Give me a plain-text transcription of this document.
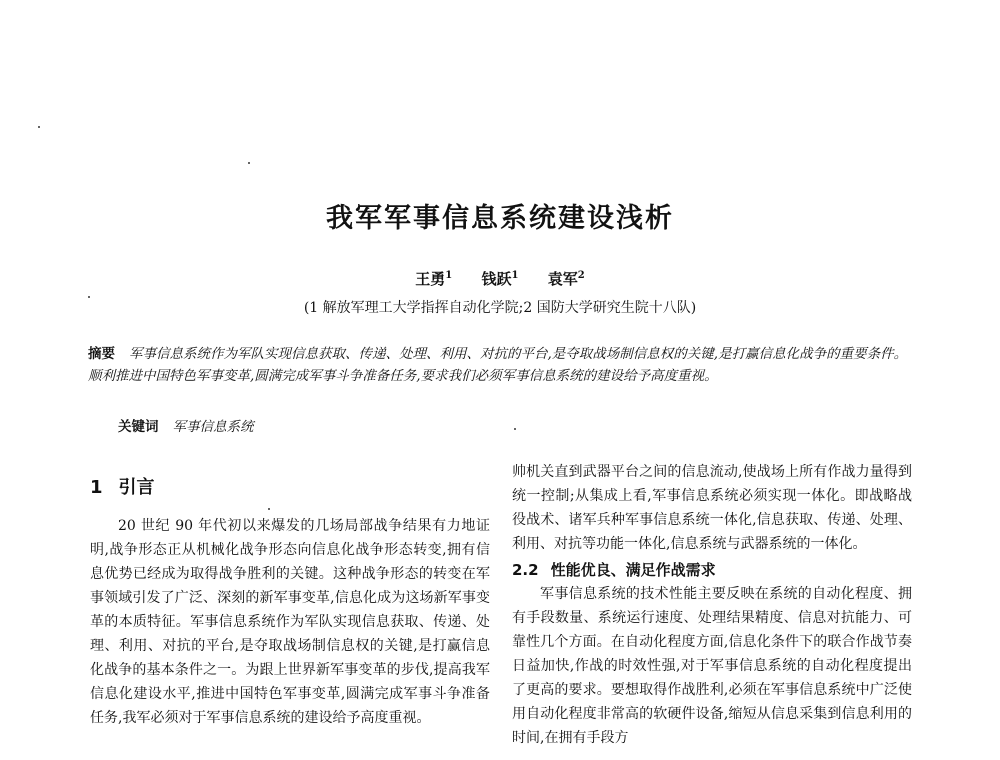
我军军事信息系统建设浅析
王勇$^1$ 钱跃$^1$ 袁军$^2$
(1 解放军理工大学指挥自动化学院;2 国防大学研究生院十八队)
摘要 军事信息系统作为军队实现信息获取、传递、处理、利用、对抗的平台,是夺取战场制信息权的关键,是打赢信息化战争的重要条件。顺利推进中国特色军事变革,圆满完成军事斗争准备任务,要求我们必须军事信息系统的建设给予高度重视。
关键词 军事信息系统
1 引言

20 世纪 90 年代初以来爆发的几场局部战争结果有力地证明,战争形态正从机械化战争形态向信息化战争形态转变,拥有信息优势已经成为取得战争胜利的关键。这种战争形态的转变在军事领域引发了广泛、深刻的新军事变革,信息化成为这场新军事变革的本质特征。军事信息系统作为军队实现信息获取、传递、处理、利用、对抗的平台,是夺取战场制信息权的关键,是打赢信息化战争的基本条件之一。为跟上世界新军事变革的步伐,提高我军信息化建设水平,推进中国特色军事变革,圆满完成军事斗争准备任务,我军必须对于军事信息系统的建设给予高度重视。

帅机关直到武器平台之间的信息流动,使战场上所有作战力量得到统一控制;从集成上看,军事信息系统必须实现一体化。即战略战役战术、诸军兵种军事信息系统一体化,信息获取、传递、处理、利用、对抗等功能一体化,信息系统与武器系统的一体化。

2.2 性能优良、满足作战需求

军事信息系统的技术性能主要反映在系统的自动化程度、拥有手段数量、系统运行速度、处理结果精度、信息对抗能力、可靠性几个方面。在自动化程度方面,信息化条件下的联合作战节奏日益加快,作战的时效性强,对于军事信息系统的自动化程度提出了更高的要求。要想取得作战胜利,必须在军事信息系统中广泛使用自动化程度非常高的软硬件设备,缩短从信息采集到信息利用的时间,在拥有手段方
